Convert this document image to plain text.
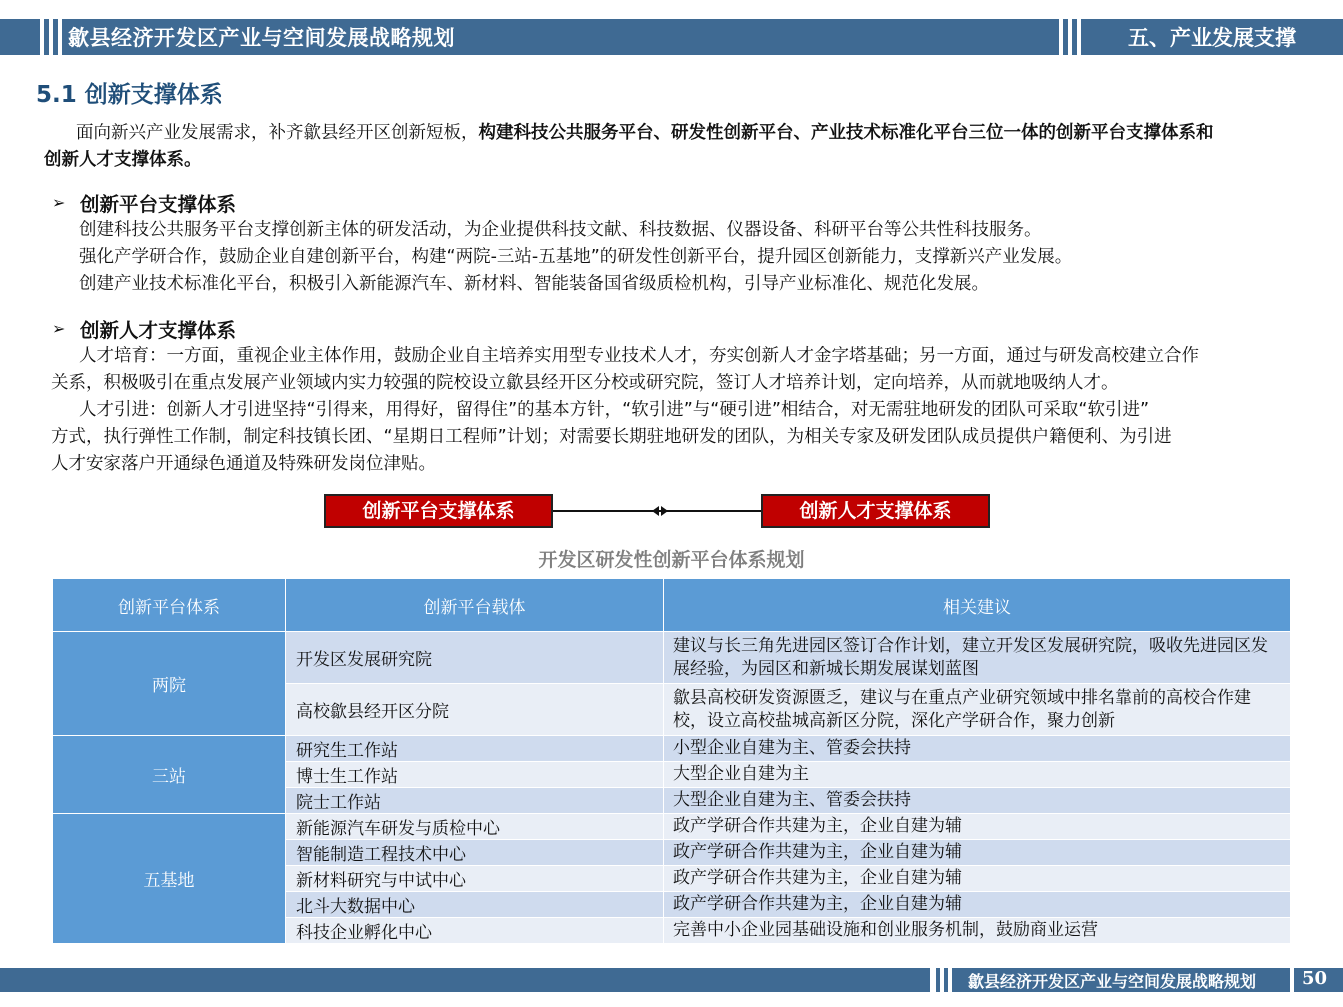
歙县经济开发区产业与空间发展战略规划	五、产业发展支撑
5.1 创新支撑体系
面向新兴产业发展需求，补齐歙县经开区创新短板，构建科技公共服务平台、研发性创新平台、产业技术标准化平台三位一体的创新平台支撑体系和
创新人才支撑体系。
➢ 创新平台支撑体系
创建科技公共服务平台支撑创新主体的研发活动，为企业提供科技文献、科技数据、仪器设备、科研平台等公共性科技服务。
强化产学研合作，鼓励企业自建创新平台，构建“两院-三站-五基地”的研发性创新平台，提升园区创新能力，支撑新兴产业发展。
创建产业技术标准化平台，积极引入新能源汽车、新材料、智能装备国省级质检机构，引导产业标准化、规范化发展。
➢ 创新人才支撑体系
人才培育：一方面，重视企业主体作用，鼓励企业自主培养实用型专业技术人才，夯实创新人才金字塔基础；另一方面，通过与研发高校建立合作
关系，积极吸引在重点发展产业领域内实力较强的院校设立歙县经开区分校或研究院，签订人才培养计划，定向培养，从而就地吸纳人才。
人才引进：创新人才引进坚持“引得来，用得好，留得住”的基本方针，“软引进”与“硬引进”相结合，对无需驻地研发的团队可采取“软引进”
方式，执行弹性工作制，制定科技镇长团、“星期日工程师”计划；对需要长期驻地研发的团队，为相关专家及研发团队成员提供户籍便利、为引进
人才安家落户开通绿色通道及特殊研发岗位津贴。
创新平台支撑体系	创新人才支撑体系
开发区研发性创新平台体系规划
创新平台体系	创新平台载体	相关建议
两院	开发区发展研究院	建议与长三角先进园区签订合作计划，建立开发区发展研究院，吸收先进园区发展经验，为园区和新城长期发展谋划蓝图
	高校歙县经开区分院	歙县高校研发资源匮乏，建议与在重点产业研究领域中排名靠前的高校合作建校，设立高校盐城高新区分院，深化产学研合作，聚力创新
三站	研究生工作站	小型企业自建为主、管委会扶持
	博士生工作站	大型企业自建为主
	院士工作站	大型企业自建为主、管委会扶持
五基地	新能源汽车研发与质检中心	政产学研合作共建为主，企业自建为辅
	智能制造工程技术中心	政产学研合作共建为主，企业自建为辅
	新材料研究与中试中心	政产学研合作共建为主，企业自建为辅
	北斗大数据中心	政产学研合作共建为主，企业自建为辅
	科技企业孵化中心	完善中小企业园基础设施和创业服务机制，鼓励商业运营
歙县经济开发区产业与空间发展战略规划	50
